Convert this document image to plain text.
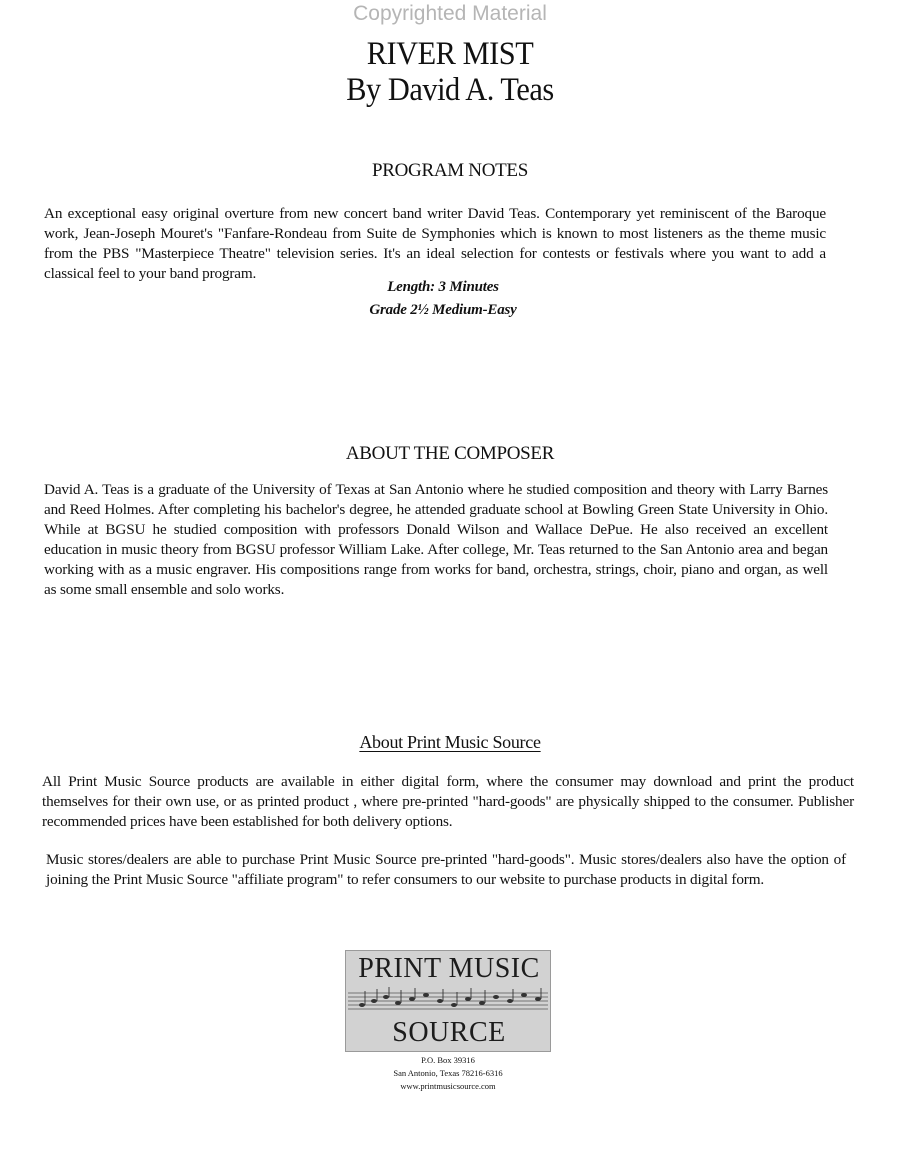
Copyrighted Material
RIVER MIST
By David A. Teas
PROGRAM NOTES
An exceptional easy original overture from new concert band writer David Teas. Contemporary yet reminiscent of the Baroque work, Jean-Joseph Mouret's "Fanfare-Rondeau from Suite de Symphonies which is known to most listeners as the theme music from the PBS "Masterpiece Theatre" television series. It's an ideal selection for contests or festivals where you want to add a classical feel to your band program.
Length: 3 Minutes
Grade 2½ Medium-Easy
ABOUT THE COMPOSER
David A. Teas is a graduate of the University of Texas at San Antonio where he studied composition and theory with Larry Barnes and Reed Holmes. After completing his bachelor's degree, he attended graduate school at Bowling Green State University in Ohio. While at BGSU he studied composition with professors Donald Wilson and Wallace DePue. He also received an excellent education in music theory from BGSU professor William Lake. After college, Mr. Teas returned to the San Antonio area and began working with as a music engraver. His compositions range from works for band, orchestra, strings, choir, piano and organ, as well as some small ensemble and solo works.
About Print Music Source
All Print Music Source products are available in either digital form, where the consumer may download and print the product themselves for their own use, or as printed product , where pre-printed "hard-goods" are physically shipped to the consumer. Publisher recommended prices have been established for both delivery options.
Music stores/dealers are able to purchase Print Music Source pre-printed "hard-goods". Music stores/dealers also have the option of joining the Print Music Source "affiliate program" to refer consumers to our website to purchase products in digital form.
PRINT MUSIC
SOURCE
P.O. Box 39316
San Antonio, Texas 78216-6316
www.printmusicsource.com
